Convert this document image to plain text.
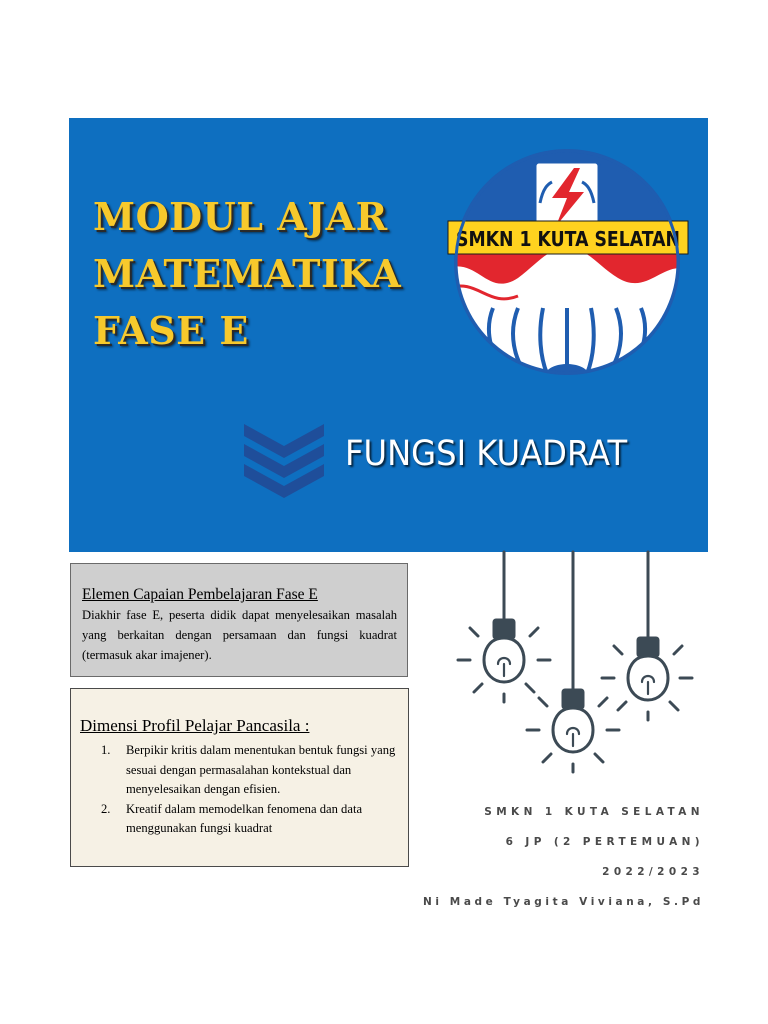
MODUL AJAR
MATEMATIKA
FASE E
SMKN 1 KUTA SELATAN
FUNGSI KUADRAT
Elemen Capaian Pembelajaran Fase E
Diakhir fase E, peserta didik dapat menyelesaikan masalah yang berkaitan dengan persamaan dan fungsi kuadrat (termasuk akar imajener).
Dimensi Profil Pelajar Pancasila :
1. Berpikir kritis dalam menentukan bentuk fungsi yang sesuai dengan permasalahan kontekstual dan menyelesaikan dengan efisien.
2. Kreatif dalam memodelkan fenomena dan data menggunakan fungsi kuadrat
SMKN 1 KUTA SELATAN
6 JP (2 PERTEMUAN)
2022/2023
Ni Made Tyagita Viviana, S.Pd
